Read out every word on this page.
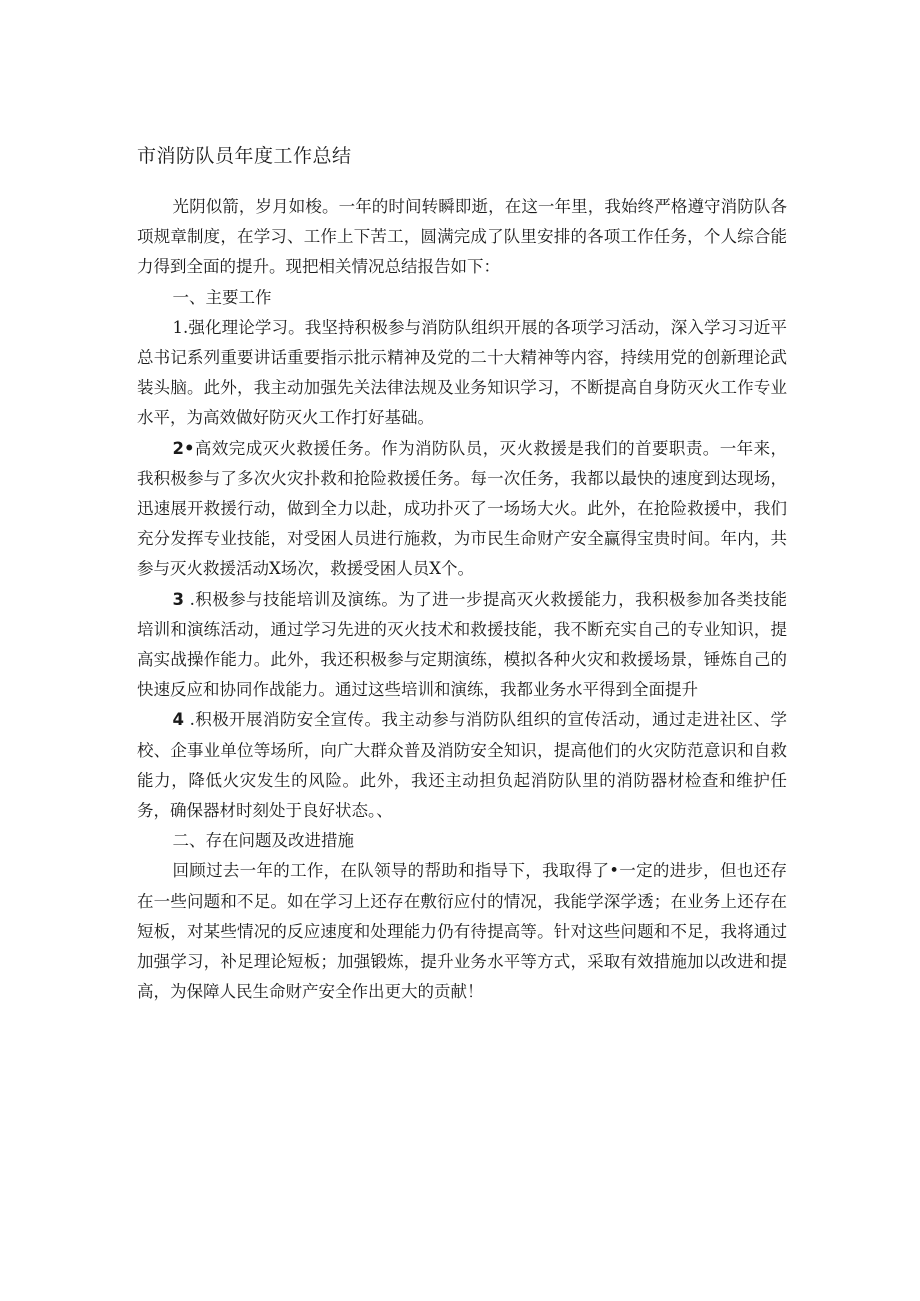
市消防队员年度工作总结

光阴似箭，岁月如梭。一年的时间转瞬即逝，在这一年里，我始终严格遵守消防队各项规章制度，在学习、工作上下苦工，圆满完成了队里安排的各项工作任务，个人综合能力得到全面的提升。现把相关情况总结报告如下：

一、主要工作

1.强化理论学习。我坚持积极参与消防队组织开展的各项学习活动，深入学习习近平总书记系列重要讲话重要指示批示精神及党的二十大精神等内容，持续用党的创新理论武装头脑。此外，我主动加强先关法律法规及业务知识学习，不断提高自身防灭火工作专业水平，为高效做好防灭火工作打好基础。

2•高效完成灭火救援任务。作为消防队员，灭火救援是我们的首要职责。一年来，我积极参与了多次火灾扑救和抢险救援任务。每一次任务，我都以最快的速度到达现场，迅速展开救援行动，做到全力以赴，成功扑灭了一场场大火。此外，在抢险救援中，我们充分发挥专业技能，对受困人员进行施救，为市民生命财产安全赢得宝贵时间。年内，共参与灭火救援活动X场次，救援受困人员X个。

3 .积极参与技能培训及演练。为了进一步提高灭火救援能力，我积极参加各类技能培训和演练活动，通过学习先进的灭火技术和救援技能，我不断充实自己的专业知识，提高实战操作能力。此外，我还积极参与定期演练，模拟各种火灾和救援场景，锤炼自己的快速反应和协同作战能力。通过这些培训和演练，我都业务水平得到全面提升

4 .积极开展消防安全宣传。我主动参与消防队组织的宣传活动，通过走进社区、学校、企事业单位等场所，向广大群众普及消防安全知识，提高他们的火灾防范意识和自救能力，降低火灾发生的风险。此外，我还主动担负起消防队里的消防器材检查和维护任务，确保器材时刻处于良好状态。、

二、存在问题及改进措施

回顾过去一年的工作，在队领导的帮助和指导下，我取得了•一定的进步，但也还存在一些问题和不足。如在学习上还存在敷衍应付的情况，我能学深学透；在业务上还存在短板，对某些情况的反应速度和处理能力仍有待提高等。针对这些问题和不足，我将通过加强学习，补足理论短板；加强锻炼，提升业务水平等方式，采取有效措施加以改进和提高，为保障人民生命财产安全作出更大的贡献！
